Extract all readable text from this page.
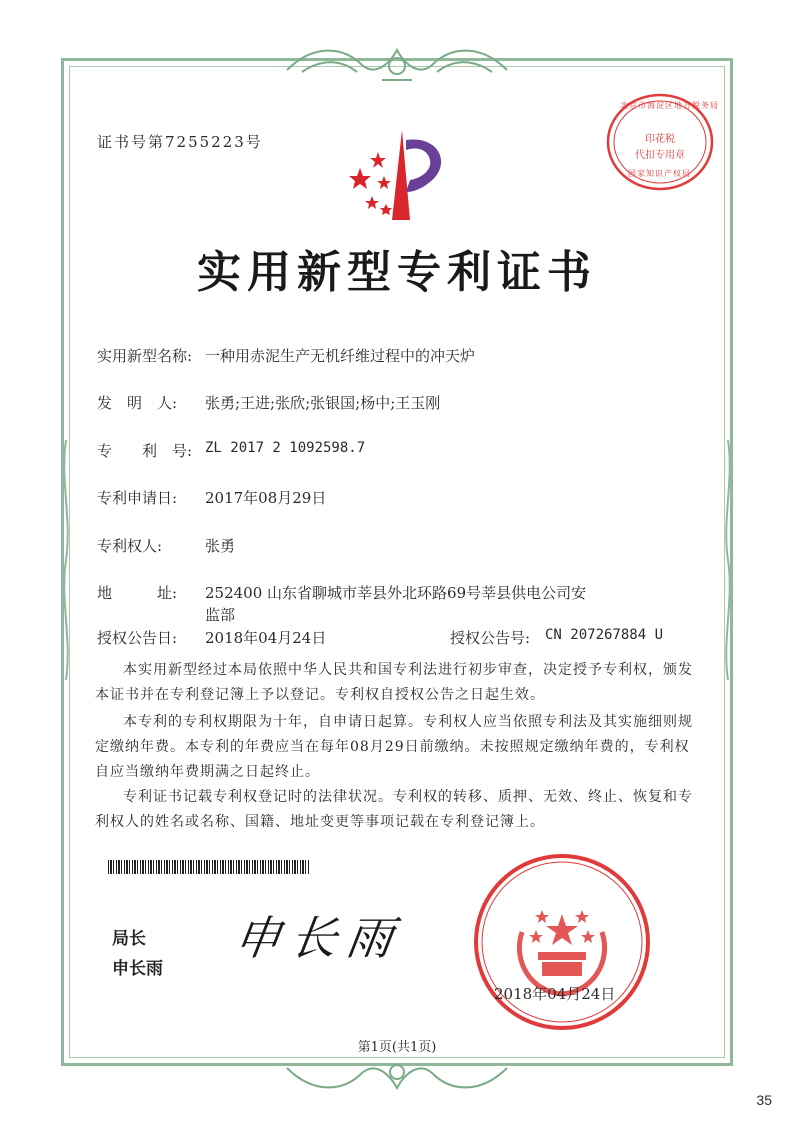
证书号第7255223号
北京市海淀区地方税务局
印花税
代扣专用章
国家知识产权局
实用新型专利证书
实用新型名称: 一种用赤泥生产无机纤维过程中的冲天炉
发　明　人: 张勇;王进;张欣;张银国;杨中;王玉刚
专　　利　号: ZL 2017 2 1092598.7
专利申请日: 2017年08月29日
专利权人:	张勇
地　　　址: 252400 山东省聊城市莘县外北环路69号莘县供电公司安
监部
授权公告日: 2018年04月24日	授权公告号: CN 207267884 U
本实用新型经过本局依照中华人民共和国专利法进行初步审查，决定授予专利权，颁发本证书并在专利登记簿上予以登记。专利权自授权公告之日起生效。
本专利的专利权期限为十年，自申请日起算。专利权人应当依照专利法及其实施细则规定缴纳年费。本专利的年费应当在每年08月29日前缴纳。未按照规定缴纳年费的，专利权自应当缴纳年费期满之日起终止。
专利证书记载专利权登记时的法律状况。专利权的转移、质押、无效、终止、恢复和专利权人的姓名或名称、国籍、地址变更等事项记载在专利登记簿上。
局长
申长雨
申长雨
2018年04月24日
第1页(共1页)
35
